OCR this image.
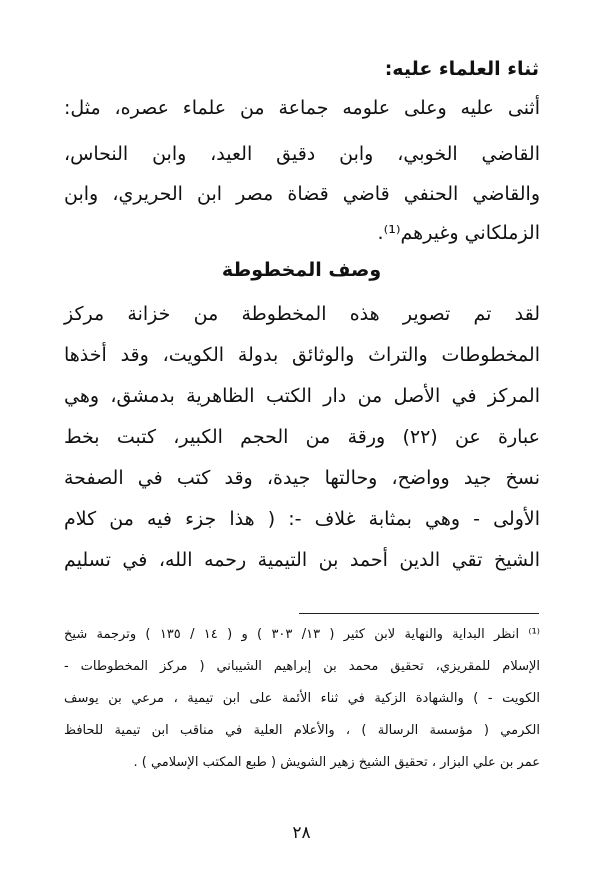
ثناء العلماء عليه:
أثنى عليه وعلى علومه جماعة من علماء عصره، مثل:
القاضي الخوبي، وابن دقيق العيد، وابن النحاس،
والقاضي الحنفي قاضي قضاة مصر ابن الحريري، وابن
الزملكاني وغيرهم⁽¹⁾.
وصف المخطوطة
لقد تم تصوير هذه المخطوطة من خزانة مركز
المخطوطات والتراث والوثائق بدولة الكويت، وقد أخذها
المركز في الأصل من دار الكتب الظاهرية بدمشق، وهي
عبارة عن (٢٢) ورقة من الحجم الكبير، كتبت بخط
نسخ جيد وواضح، وحالتها جيدة، وقد كتب في الصفحة
الأولى - وهي بمثابة غلاف -: ( هذا جزء فيه من كلام
الشيخ تقي الدين أحمد بن التيمية رحمه الله، في تسليم
⁽¹⁾ انظر البداية والنهاية لابن كثير ( ١٣/ ٣٠٣ ) و ( ١٤ / ١٣٥ ) وترجمة شيخ
الإسلام للمقريزي، تحقيق محمد بن إبراهيم الشيباني ( مركز المخطوطات -
الكويت - ) والشهادة الزكية في ثناء الأئمة على ابن تيمية ، مرعي بن يوسف
الكرمي ( مؤسسة الرسالة ) ، والأعلام العلية في مناقب ابن تيمية للحافظ
عمر بن علي البزار ، تحقيق الشيخ زهير الشويش ( طبع المكتب الإسلامي ) .
٢٨
